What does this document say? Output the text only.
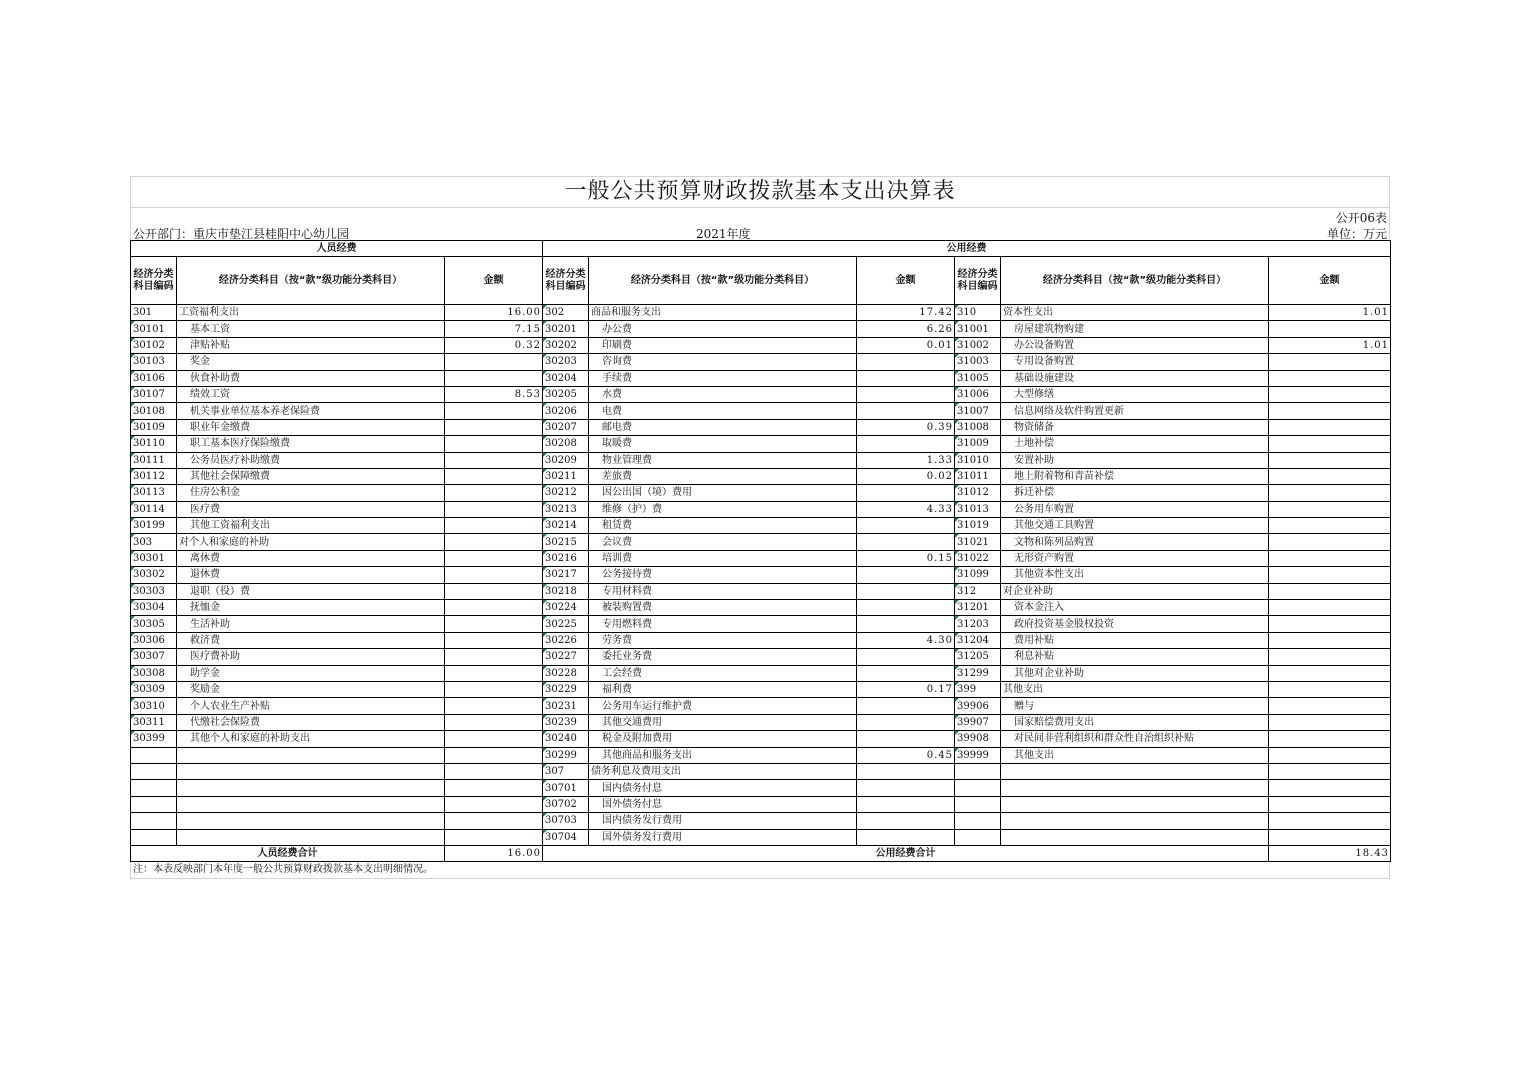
一般公共预算财政拨款基本支出决算表
公开06表
公开部门：重庆市垫江县桂阳中心幼儿园	2021年度	单位：万元
人员经费			公用经费					
经济分类科目编码	经济分类科目（按“款”级功能分类科目）	金额	经济分类科目编码	经济分类科目（按“款”级功能分类科目）	金额	经济分类科目编码	经济分类科目（按“款”级功能分类科目）	金额
301	工资福利支出	16.00	302	商品和服务支出	17.42	310	资本性支出	1.01
30101	基本工资	7.15	30201	办公费	6.26	31001	房屋建筑物购建	
30102	津贴补贴	0.32	30202	印刷费	0.01	31002	办公设备购置	1.01
30103	奖金		30203	咨询费		31003	专用设备购置	
30106	伙食补助费		30204	手续费		31005	基础设施建设	
30107	绩效工资	8.53	30205	水费		31006	大型修缮	
30108	机关事业单位基本养老保险费		30206	电费		31007	信息网络及软件购置更新	
30109	职业年金缴费		30207	邮电费	0.39	31008	物资储备	
30110	职工基本医疗保险缴费		30208	取暖费		31009	土地补偿	
30111	公务员医疗补助缴费		30209	物业管理费	1.33	31010	安置补助	
30112	其他社会保障缴费		30211	差旅费	0.02	31011	地上附着物和青苗补偿	
30113	住房公积金		30212	因公出国（境）费用		31012	拆迁补偿	
30114	医疗费		30213	维修（护）费	4.33	31013	公务用车购置	
30199	其他工资福利支出		30214	租赁费		31019	其他交通工具购置	
303	对个人和家庭的补助		30215	会议费		31021	文物和陈列品购置	
30301	离休费		30216	培训费	0.15	31022	无形资产购置	
30302	退休费		30217	公务接待费		31099	其他资本性支出	
30303	退职（役）费		30218	专用材料费		312	对企业补助	
30304	抚恤金		30224	被装购置费		31201	资本金注入	
30305	生活补助		30225	专用燃料费		31203	政府投资基金股权投资	
30306	救济费		30226	劳务费	4.30	31204	费用补贴	
30307	医疗费补助		30227	委托业务费		31205	利息补贴	
30308	助学金		30228	工会经费		31299	其他对企业补助	
30309	奖励金		30229	福利费	0.17	399	其他支出	
30310	个人农业生产补贴		30231	公务用车运行维护费		39906	赠与	
30311	代缴社会保险费		30239	其他交通费用		39907	国家赔偿费用支出	
30399	其他个人和家庭的补助支出		30240	税金及附加费用		39908	对民间非营利组织和群众性自治组织补贴	
			30299	其他商品和服务支出	0.45	39999	其他支出	
			307	债务利息及费用支出				
			30701	国内债务付息				
			30702	国外债务付息				
			30703	国内债务发行费用				
			30704	国外债务发行费用				
人员经费合计		16.00	公用经费合计					18.43
注：本表反映部门本年度一般公共预算财政拨款基本支出明细情况。
